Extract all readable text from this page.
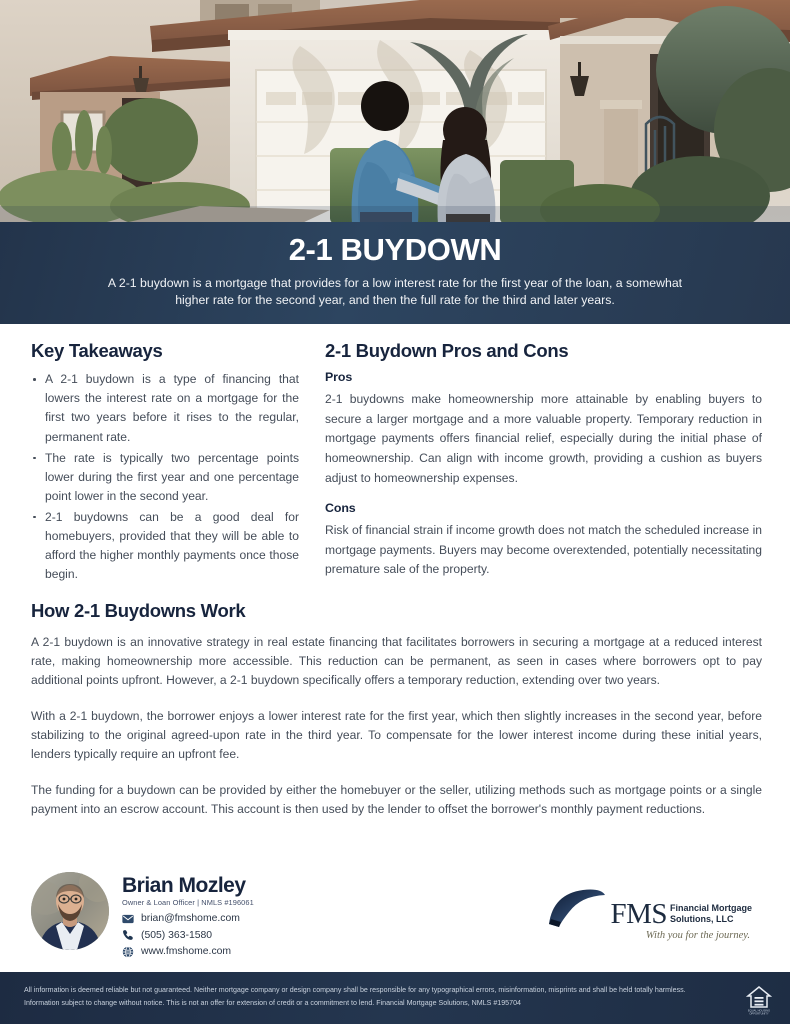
2-1 BUYDOWN

A 2-1 buydown is a mortgage that provides for a low interest rate for the first year of the loan, a somewhat higher rate for the second year, and then the full rate for the third and later years.

Key Takeaways
A 2-1 buydown is a type of financing that lowers the interest rate on a mortgage for the first two years before it rises to the regular, permanent rate.
The rate is typically two percentage points lower during the first year and one percentage point lower in the second year.
2-1 buydowns can be a good deal for homebuyers, provided that they will be able to afford the higher monthly payments once those begin.
2-1 Buydown Pros and Cons
Pros

2-1 buydowns make homeownership more attainable by enabling buyers to secure a larger mortgage and a more valuable property. Temporary reduction in mortgage payments offers financial relief, especially during the initial phase of homeownership. Can align with income growth, providing a cushion as buyers adjust to homeownership expenses.

Cons

Risk of financial strain if income growth does not match the scheduled increase in mortgage payments. Buyers may become overextended, potentially necessitating premature sale of the property.

How 2-1 Buydowns Work

A 2-1 buydown is an innovative strategy in real estate financing that facilitates borrowers in securing a mortgage at a reduced interest rate, making homeownership more accessible. This reduction can be permanent, as seen in cases where borrowers opt to pay additional points upfront. However, a 2-1 buydown specifically offers a temporary reduction, extending over two years.

With a 2-1 buydown, the borrower enjoys a lower interest rate for the first year, which then slightly increases in the second year, before stabilizing to the original agreed-upon rate in the third year. To compensate for the lower interest income during these initial years, lenders typically require an upfront fee.

The funding for a buydown can be provided by either the homebuyer or the seller, utilizing methods such as mortgage points or a single payment into an escrow account. This account is then used by the lender to offset the borrower's monthly payment reductions.

Brian Mozley
Owner & Loan Officer | NMLS #196061
brian@fmshome.com
(505) 363-1580
www.fmshome.com
FMS Financial Mortgage
Solutions, LLC
With you for the journey.
All information is deemed reliable but not guaranteed. Neither mortgage company or design company shall be responsible for any typographical errors, misinformation, misprints and shall be held totally harmless. Information subject to change without notice. This is not an offer for extension of credit or a commitment to lend. Financial Mortgage Solutions, NMLS #195704
EQUAL HOUSING
OPPORTUNITY
